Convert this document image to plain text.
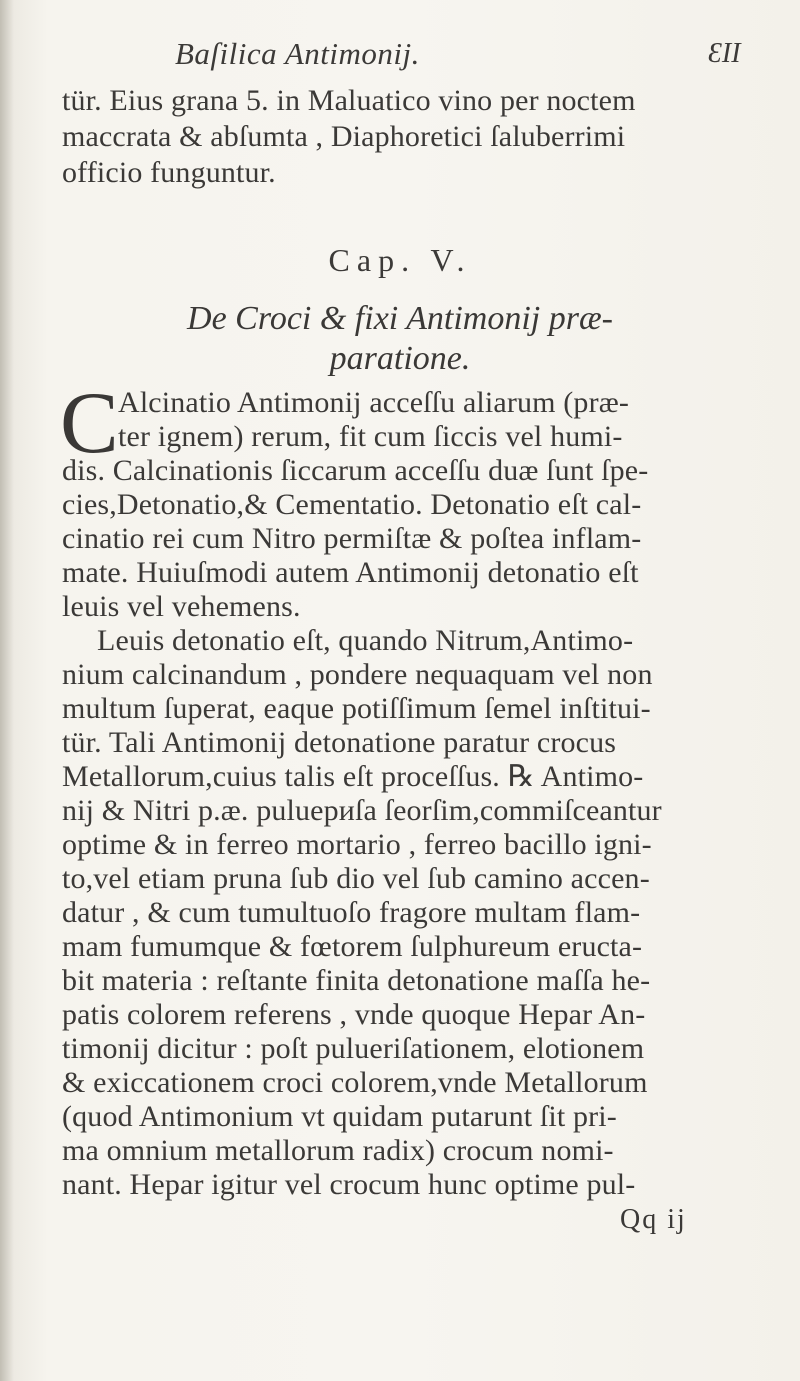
Baſilica Antimonij.	ƐII
tür. Eius grana 5. in Maluatico vino per noctem
maccrata & abſumta , Diaphoretici ſaluberrimi
officio funguntur.
Cap. V.
De Croci & fixi Antimonij præ-
paratione.
C Alcinatio Antimonij acceſſu aliarum (præ-
ter ignem) rerum, fit cum ſiccis vel humi-
dis. Calcinationis ſiccarum acceſſu duæ ſunt ſpe-
cies,Detonatio,& Cementatio. Detonatio eſt cal-
cinatio rei cum Nitro permiſtæ & poſtea inflam-
mate. Huiuſmodi autem Antimonij detonatio eſt
leuis vel vehemens.
Leuis detonatio eſt, quando Nitrum,Antimo-
nium calcinandum , pondere nequaquam vel non
multum ſuperat, eaque potiſſimum ſemel inſtitui-
tür. Tali Antimonij detonatione paratur crocus
Metallorum,cuius talis eſt proceſſus. ℞ Antimo-
nij & Nitri p.æ. puluериſa ſeorſim,commiſceantur
optime & in ferreo mortario , ferreo bacillo igni-
to,vel etiam pruna ſub dio vel ſub camino accen-
datur , & cum tumultuoſo fragore multam flam-
mam fumumque & fœtorem ſulphureum eructa-
bit materia : reſtante finita detonatione maſſa he-
patis colorem referens , vnde quoque Hepar An-
timonij dicitur : poſt pulueriſationem, elotionem
& exiccationem croci colorem,vnde Metallorum
(quod Antimonium vt quidam putarunt ſit pri-
ma omnium metallorum radix) crocum nomi-
nant. Hepar igitur vel crocum hunc optime pul-
Qq ij
